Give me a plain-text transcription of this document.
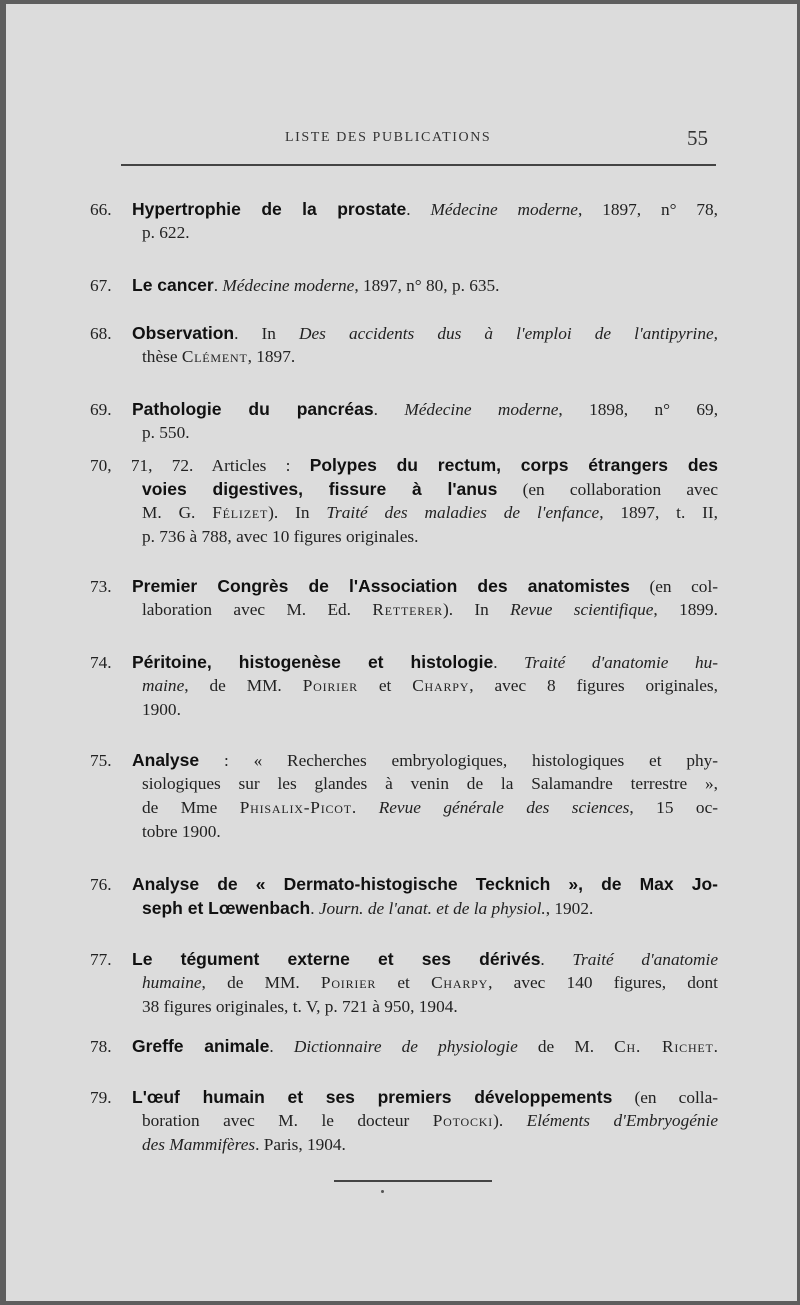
LISTE DES PUBLICATIONS	55
66. Hypertrophie de la prostate. Médecine moderne, 1897, n° 78,
p. 622.
67. Le cancer. Médecine moderne, 1897, n° 80, p. 635.
68. Observation. In Des accidents dus à l'emploi de l'antipyrine,
thèse Clément, 1897.
69. Pathologie du pancréas. Médecine moderne, 1898, n° 69,
p. 550.
70, 71, 72. Articles : Polypes du rectum, corps étrangers des
voies digestives, fissure à l'anus (en collaboration avec
M. G. Félizet). In Traité des maladies de l'enfance, 1897, t. II,
p. 736 à 788, avec 10 figures originales.
73. Premier Congrès de l'Association des anatomistes (en col-
laboration avec M. Ed. Retterer). In Revue scientifique, 1899.
74. Péritoine, histogenèse et histologie. Traité d'anatomie hu-
maine, de MM. Poirier et Charpy, avec 8 figures originales,
1900.
75. Analyse : « Recherches embryologiques, histologiques et phy-
siologiques sur les glandes à venin de la Salamandre terrestre »,
de Mme Phisalix-Picot. Revue générale des sciences, 15 oc-
tobre 1900.
76. Analyse de « Dermato-histogische Tecknich », de Max Jo-
seph et Lœwenbach. Journ. de l'anat. et de la physiol., 1902.
77. Le tégument externe et ses dérivés. Traité d'anatomie
humaine, de MM. Poirier et Charpy, avec 140 figures, dont
38 figures originales, t. V, p. 721 à 950, 1904.
78. Greffe animale. Dictionnaire de physiologie de M. Ch. Richet.
79. L'œuf humain et ses premiers développements (en colla-
boration avec M. le docteur Potocki). Eléments d'Embryogénie
des Mammifères. Paris, 1904.
